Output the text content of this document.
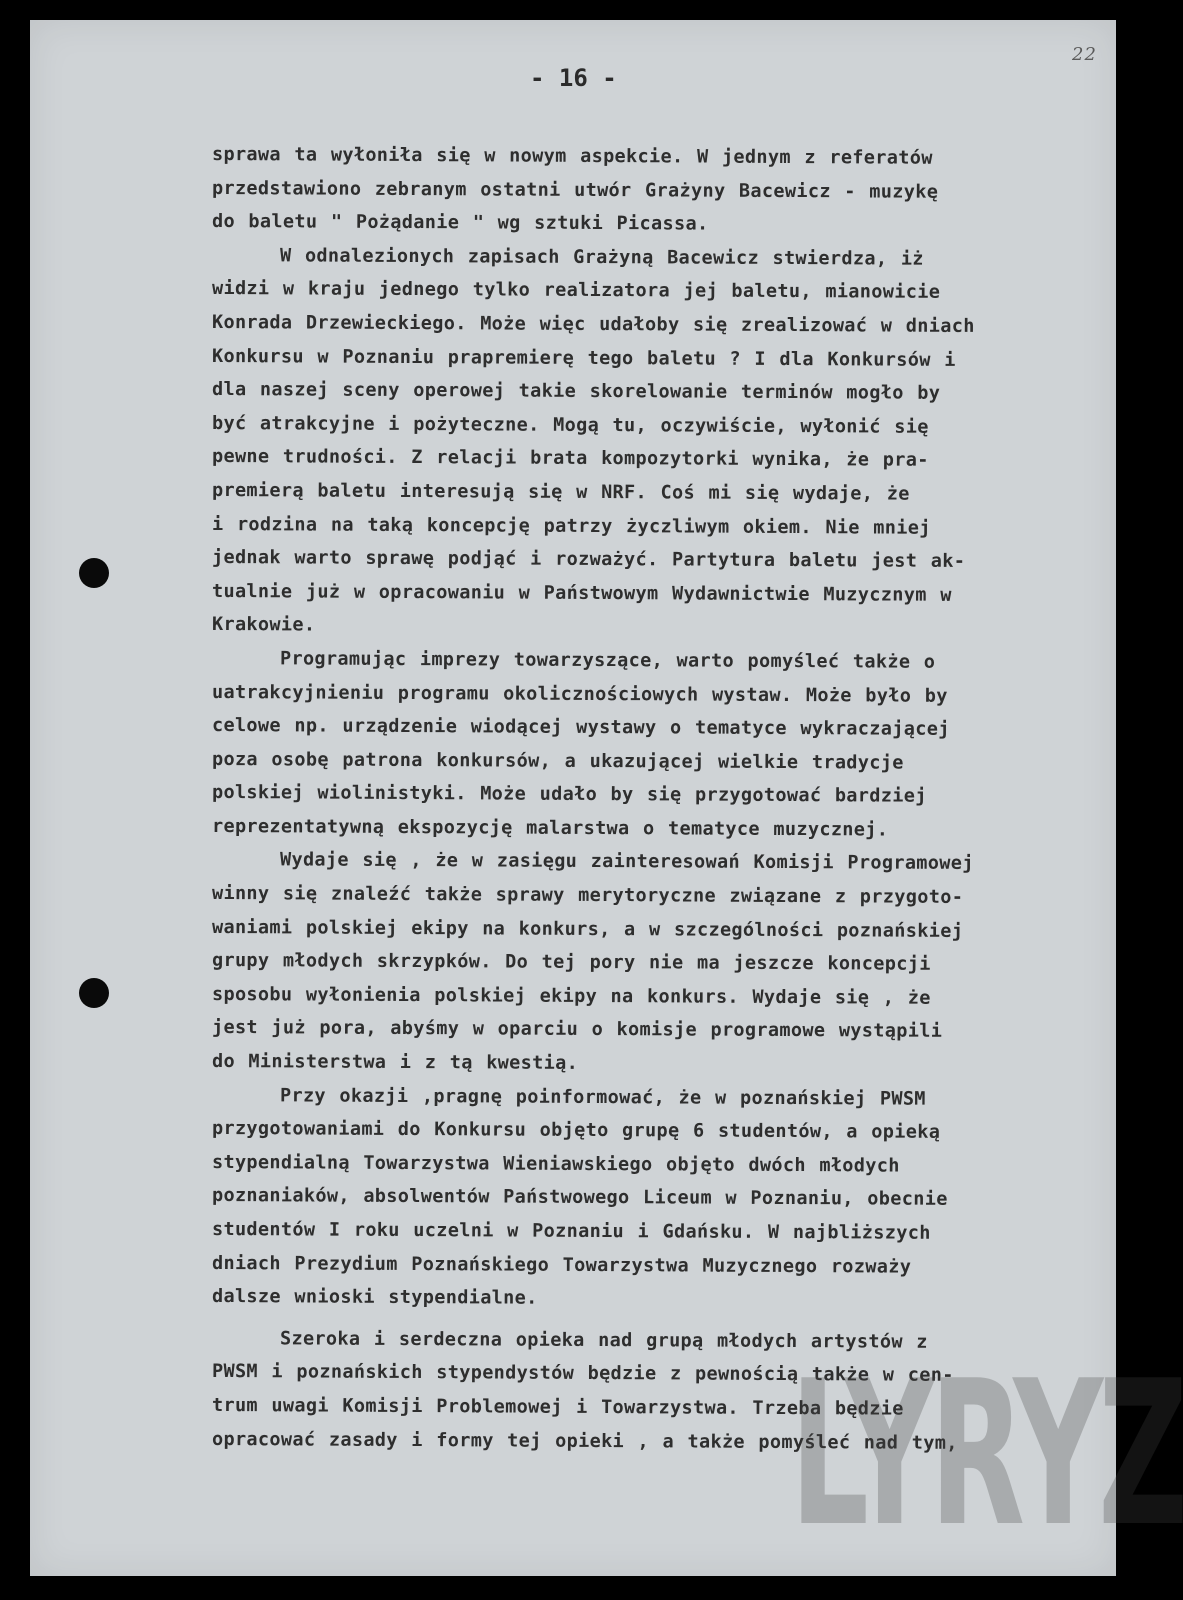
22
- 16 -
sprawa ta wyłoniła się w nowym aspekcie. W jednym z referatów
przedstawiono zebranym ostatni utwór Grażyny Bacewicz - muzykę
do baletu " Pożądanie " wg sztuki Picassa.
W odnalezionych zapisach Grażyną Bacewicz stwierdza, iż
widzi w kraju jednego tylko realizatora jej baletu, mianowicie
Konrada Drzewieckiego. Może więc udałoby się zrealizować w dniach
Konkursu w Poznaniu prapremierę tego baletu ? I dla Konkursów i
dla naszej sceny operowej takie skorelowanie terminów mogło by
być atrakcyjne i pożyteczne. Mogą tu, oczywiście, wyłonić się
pewne trudności. Z relacji brata kompozytorki wynika, że pra-
premierą baletu interesują się w NRF. Coś mi się wydaje, że
i rodzina na taką koncepcję patrzy życzliwym okiem. Nie mniej
jednak warto sprawę podjąć i rozważyć. Partytura baletu jest ak-
tualnie już w opracowaniu w Państwowym Wydawnictwie Muzycznym w
Krakowie.
Programując imprezy towarzyszące, warto pomyśleć także o
uatrakcyjnieniu programu okolicznościowych wystaw. Może było by
celowe np. urządzenie wiodącej wystawy o tematyce wykraczającej
poza osobę patrona konkursów, a ukazującej wielkie tradycje
polskiej wiolinistyki. Może udało by się przygotować bardziej
reprezentatywną ekspozycję malarstwa o tematyce muzycznej.
Wydaje się , że w zasięgu zainteresowań Komisji Programowej
winny się znaleźć także sprawy merytoryczne związane z przygoto-
waniami polskiej ekipy na konkurs, a w szczególności poznańskiej
grupy młodych skrzypków. Do tej pory nie ma jeszcze koncepcji
sposobu wyłonienia polskiej ekipy na konkurs. Wydaje się , że
jest już pora, abyśmy w oparciu o komisje programowe wystąpili
do Ministerstwa i z tą kwestią.
Przy okazji ,pragnę poinformować, że w poznańskiej PWSM
przygotowaniami do Konkursu objęto grupę 6 studentów, a opieką
stypendialną Towarzystwa Wieniawskiego objęto dwóch młodych
poznaniaków, absolwentów Państwowego Liceum w Poznaniu, obecnie
studentów I roku uczelni w Poznaniu i Gdańsku. W najbliższych
dniach Prezydium Poznańskiego Towarzystwa Muzycznego rozważy
dalsze wnioski stypendialne.
Szeroka i serdeczna opieka nad grupą młodych artystów z
PWSM i poznańskich stypendystów będzie z pewnością także w cen-
trum uwagi Komisji Problemowej i Towarzystwa. Trzeba będzie
opracować zasady i formy tej opieki , a także pomyśleć nad tym,
LYRYZ
